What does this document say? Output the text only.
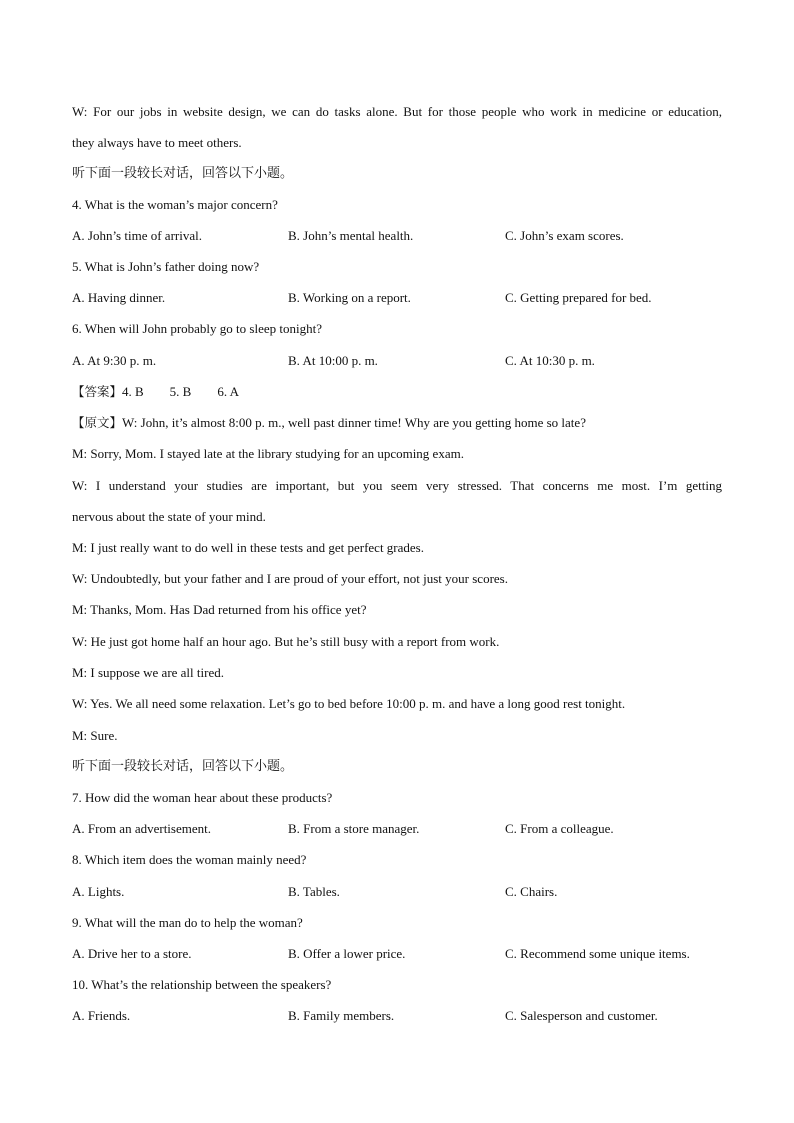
W: For our jobs in website design, we can do tasks alone. But for those people who work in medicine or education,
they always have to meet others.
听下面一段较长对话，回答以下小题。
4. What is the woman’s major concern?
A. John’s time of arrival.	B. John’s mental health.	C. John’s exam scores.
5. What is John’s father doing now?
A. Having dinner.	B. Working on a report.	C. Getting prepared for bed.
6. When will John probably go to sleep tonight?
A. At 9:30 p. m.	B. At 10:00 p. m.	C. At 10:30 p. m.
【答案】4. B        5. B        6. A
【原文】W: John, it’s almost 8:00 p. m., well past dinner time! Why are you getting home so late?
M: Sorry, Mom. I stayed late at the library studying for an upcoming exam.
W: I understand your studies are important, but you seem very stressed. That concerns me most. I’m getting
nervous about the state of your mind.
M: I just really want to do well in these tests and get perfect grades.
W: Undoubtedly, but your father and I are proud of your effort, not just your scores.
M: Thanks, Mom. Has Dad returned from his office yet?
W: He just got home half an hour ago. But he’s still busy with a report from work.
M: I suppose we are all tired.
W: Yes. We all need some relaxation. Let’s go to bed before 10:00 p. m. and have a long good rest tonight.
M: Sure.
听下面一段较长对话，回答以下小题。
7. How did the woman hear about these products?
A. From an advertisement.	B. From a store manager.	C. From a colleague.
8. Which item does the woman mainly need?
A. Lights.	B. Tables.	C. Chairs.
9. What will the man do to help the woman?
A. Drive her to a store.	B. Offer a lower price.	C. Recommend some unique items.
10. What’s the relationship between the speakers?
A. Friends.	B. Family members.	C. Salesperson and customer.
